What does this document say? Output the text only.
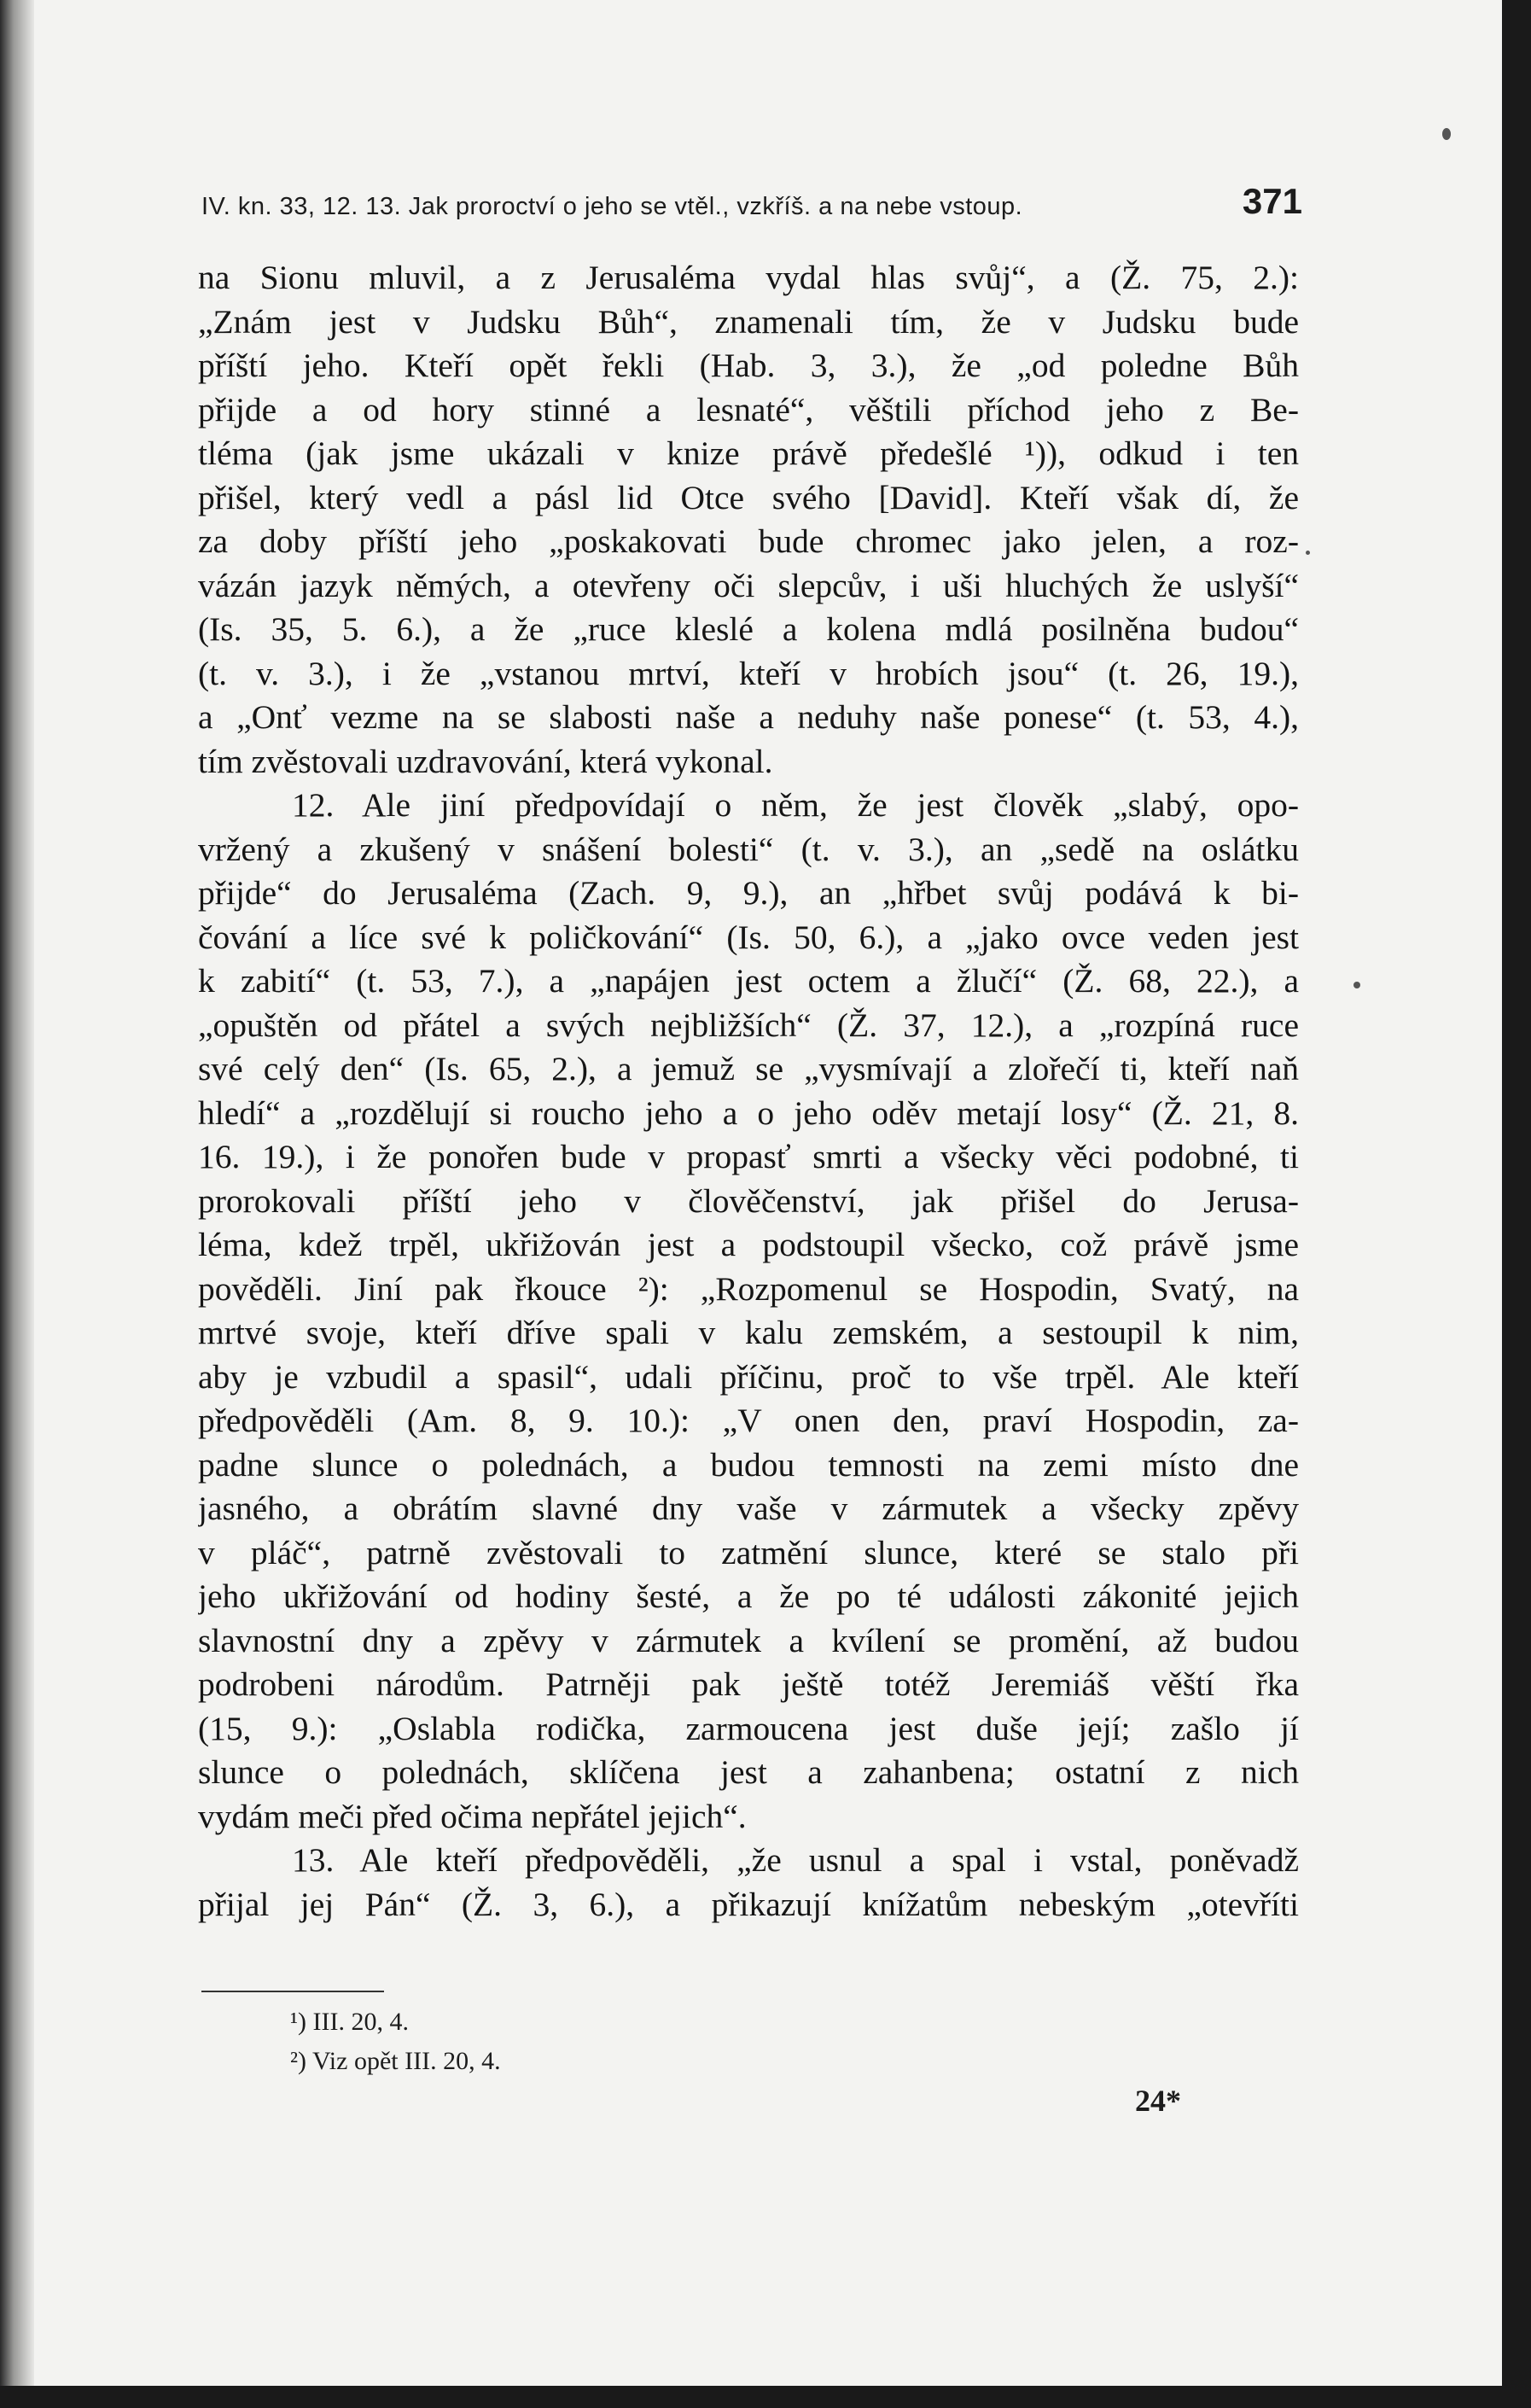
IV. kn. 33, 12. 13. Jak proroctví o jeho se vtěl., vzkříš. a na nebe vstoup.	371
na Sionu mluvil, a z Jerusaléma vydal hlas svůj“, a (Ž. 75, 2.):
„Znám jest v Judsku Bůh“, znamenali tím, že v Judsku bude
příští jeho. Kteří opět řekli (Hab. 3, 3.), že „od poledne Bůh
přijde a od hory stinné a lesnaté“, věštili příchod jeho z Be-
tléma (jak jsme ukázali v knize právě předešlé ¹)), odkud i ten
přišel, který vedl a pásl lid Otce svého [David]. Kteří však dí, že
za doby příští jeho „poskakovati bude chromec jako jelen, a roz-
vázán jazyk němých, a otevřeny oči slepcův, i uši hluchých že uslyší“
(Is. 35, 5. 6.), a že „ruce kleslé a kolena mdlá posilněna budou“
(t. v. 3.), i že „vstanou mrtví, kteří v hrobích jsou“ (t. 26, 19.),
a „Onť vezme na se slabosti naše a neduhy naše ponese“ (t. 53, 4.),
tím zvěstovali uzdravování, která vykonal.
12. Ale jiní předpovídají o něm, že jest člověk „slabý, opo-
vržený a zkušený v snášení bolesti“ (t. v. 3.), an „sedě na oslátku
přijde“ do Jerusaléma (Zach. 9, 9.), an „hřbet svůj podává k bi-
čování a líce své k poličkování“ (Is. 50, 6.), a „jako ovce veden jest
k zabití“ (t. 53, 7.), a „napájen jest octem a žlučí“ (Ž. 68, 22.), a
„opuštěn od přátel a svých nejbližších“ (Ž. 37, 12.), a „rozpíná ruce
své celý den“ (Is. 65, 2.), a jemuž se „vysmívají a zlořečí ti, kteří naň
hledí“ a „rozdělují si roucho jeho a o jeho oděv metají losy“ (Ž. 21, 8.
16. 19.), i že ponořen bude v propasť smrti a všecky věci podobné, ti
prorokovali příští jeho v člověčenství, jak přišel do Jerusa-
léma, kdež trpěl, ukřižován jest a podstoupil všecko, což právě jsme
pověděli. Jiní pak řkouce ²): „Rozpomenul se Hospodin, Svatý, na
mrtvé svoje, kteří dříve spali v kalu zemském, a sestoupil k nim,
aby je vzbudil a spasil“, udali příčinu, proč to vše trpěl. Ale kteří
předpověděli (Am. 8, 9. 10.): „V onen den, praví Hospodin, za-
padne slunce o polednách, a budou temnosti na zemi místo dne
jasného, a obrátím slavné dny vaše v zármutek a všecky zpěvy
v pláč“, patrně zvěstovali to zatmění slunce, které se stalo při
jeho ukřižování od hodiny šesté, a že po té události zákonité jejich
slavnostní dny a zpěvy v zármutek a kvílení se promění, až budou
podrobeni národům. Patrněji pak ještě totéž Jeremiáš věští řka
(15, 9.): „Oslabla rodička, zarmoucena jest duše její; zašlo jí
slunce o polednách, sklíčena jest a zahanbena; ostatní z nich
vydám meči před očima nepřátel jejich“.
13. Ale kteří předpověděli, „že usnul a spal i vstal, poněvadž
přijal jej Pán“ (Ž. 3, 6.), a přikazují knížatům nebeským „otevříti
¹) III. 20, 4.
²) Viz opět III. 20, 4.
24*
